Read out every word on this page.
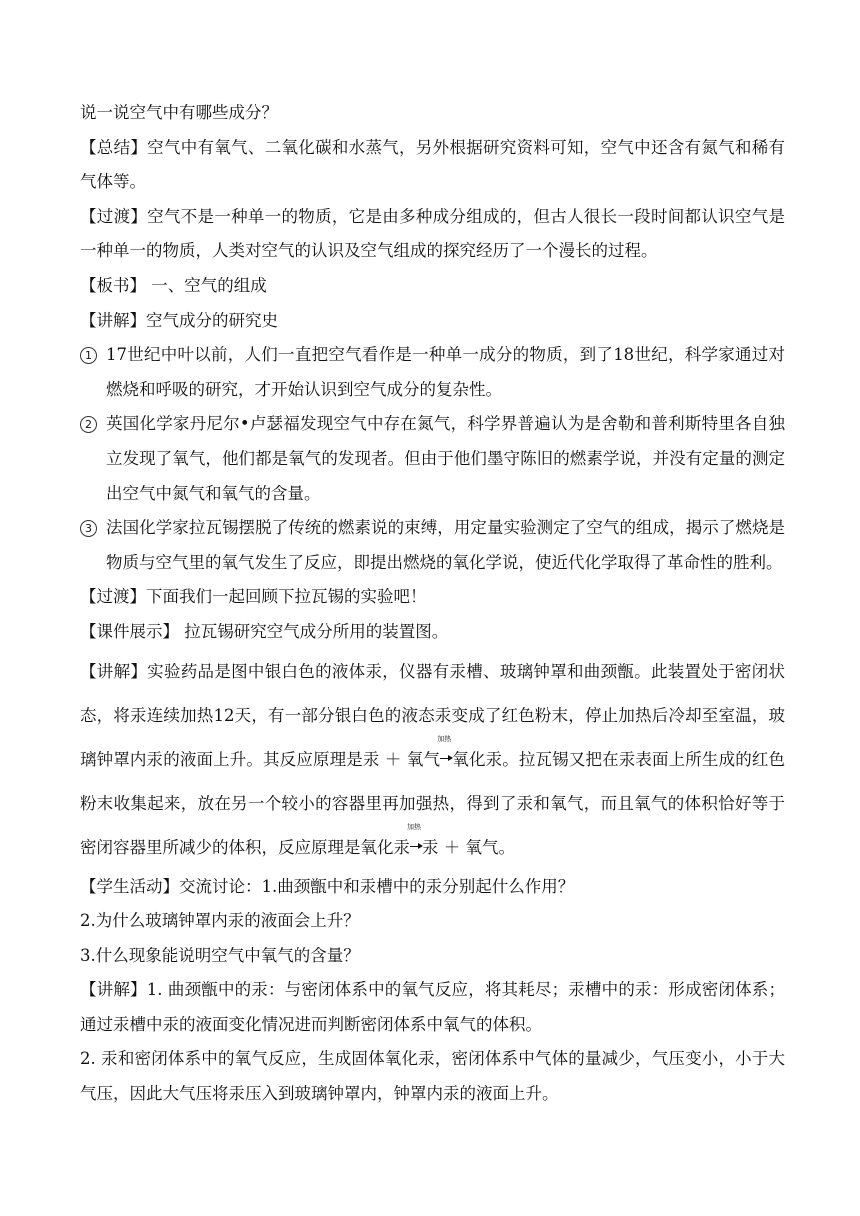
说一说空气中有哪些成分？

【总结】空气中有氧气、二氧化碳和水蒸气，另外根据研究资料可知，空气中还含有氮气和稀有气体等。

【过渡】空气不是一种单一的物质，它是由多种成分组成的，但古人很长一段时间都认识空气是一种单一的物质，人类对空气的认识及空气组成的探究经历了一个漫长的过程。

【板书】 一、空气的组成

【讲解】空气成分的研究史

1 17世纪中叶以前，人们一直把空气看作是一种单一成分的物质，到了18世纪，科学家通过对燃烧和呼吸的研究，才开始认识到空气成分的复杂性。
2 英国化学家丹尼尔•卢瑟福发现空气中存在氮气，科学界普遍认为是舍勒和普利斯特里各自独立发现了氧气，他们都是氧气的发现者。但由于他们墨守陈旧的燃素学说，并没有定量的测定出空气中氮气和氧气的含量。
3 法国化学家拉瓦锡摆脱了传统的燃素说的束缚，用定量实验测定了空气的组成，揭示了燃烧是物质与空气里的氧气发生了反应，即提出燃烧的氧化学说，使近代化学取得了革命性的胜利。

【过渡】下面我们一起回顾下拉瓦锡的实验吧！

【课件展示】 拉瓦锡研究空气成分所用的装置图。

【讲解】实验药品是图中银白色的液体汞，仪器有汞槽、玻璃钟罩和曲颈甑。此装置处于密闭状态，将汞连续加热12天，有一部分银白色的液态汞变成了红色粉末，停止加热后冷却至室温，玻璃钟罩内汞的液面上升。其反应原理是汞 ＋ 氧气
加热
氧化汞。拉瓦锡又把在汞表面上所生成的红色粉末收集起来，放在另一个较小的容器里再加强热，得到了汞和氧气，而且氧气的体积恰好等于密闭容器里所减少的体积，反应原理是氧化汞
加热
汞 ＋ 氧气。

【学生活动】交流讨论：1.曲颈甑中和汞槽中的汞分别起什么作用？

2.为什么玻璃钟罩内汞的液面会上升？

3.什么现象能说明空气中氧气的含量？

【讲解】1. 曲颈甑中的汞：与密闭体系中的氧气反应，将其耗尽；汞槽中的汞：形成密闭体系；通过汞槽中汞的液面变化情况进而判断密闭体系中氧气的体积。

2. 汞和密闭体系中的氧气反应，生成固体氧化汞，密闭体系中气体的量减少，气压变小，小于大气压，因此大气压将汞压入到玻璃钟罩内，钟罩内汞的液面上升。
